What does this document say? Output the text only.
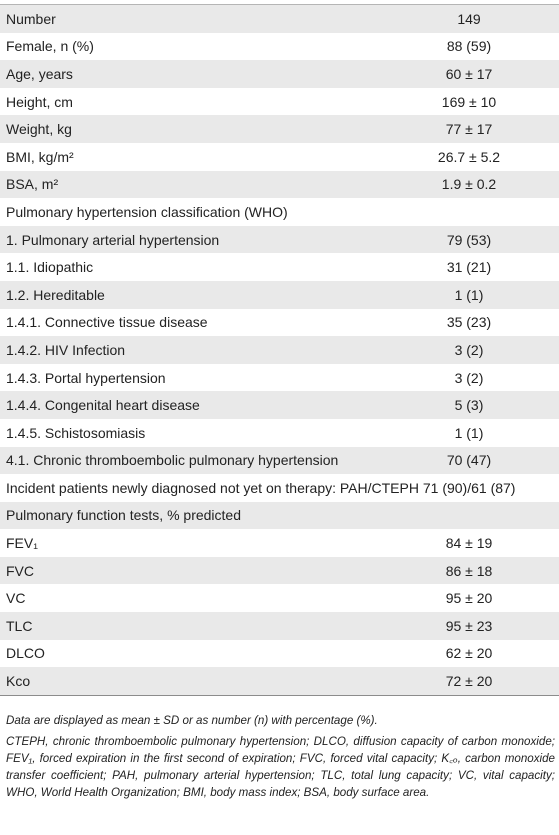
Number	149
Female, n (%)	88 (59)
Age, years	60 ± 17
Height, cm	169 ± 10
Weight, kg	77 ± 17
BMI, kg/m²	26.7 ± 5.2
BSA, m²	1.9 ± 0.2
Pulmonary hypertension classification (WHO)
1. Pulmonary arterial hypertension	79 (53)
1.1. Idiopathic	31 (21)
1.2. Hereditable	1 (1)
1.4.1. Connective tissue disease	35 (23)
1.4.2. HIV Infection	3 (2)
1.4.3. Portal hypertension	3 (2)
1.4.4. Congenital heart disease	5 (3)
1.4.5. Schistosomiasis	1 (1)
4.1. Chronic thromboembolic pulmonary hypertension	70 (47)
Incident patients newly diagnosed not yet on therapy: PAH/CTEPH 71 (90)/61 (87)
Pulmonary function tests, % predicted
FEV₁	84 ± 19
FVC	86 ± 18
VC	95 ± 20
TLC	95 ± 23
DLCO	62 ± 20
Kco	72 ± 20

Data are displayed as mean ± SD or as number (n) with percentage (%).

CTEPH, chronic thromboembolic pulmonary hypertension; DLCO, diffusion capacity of carbon monoxide; FEV₁, forced expiration in the first second of expiration; FVC, forced vital capacity; K꜀ₒ, carbon monoxide transfer coefficient; PAH, pulmonary arterial hypertension; TLC, total lung capacity; VC, vital capacity; WHO, World Health Organization; BMI, body mass index; BSA, body surface area.
